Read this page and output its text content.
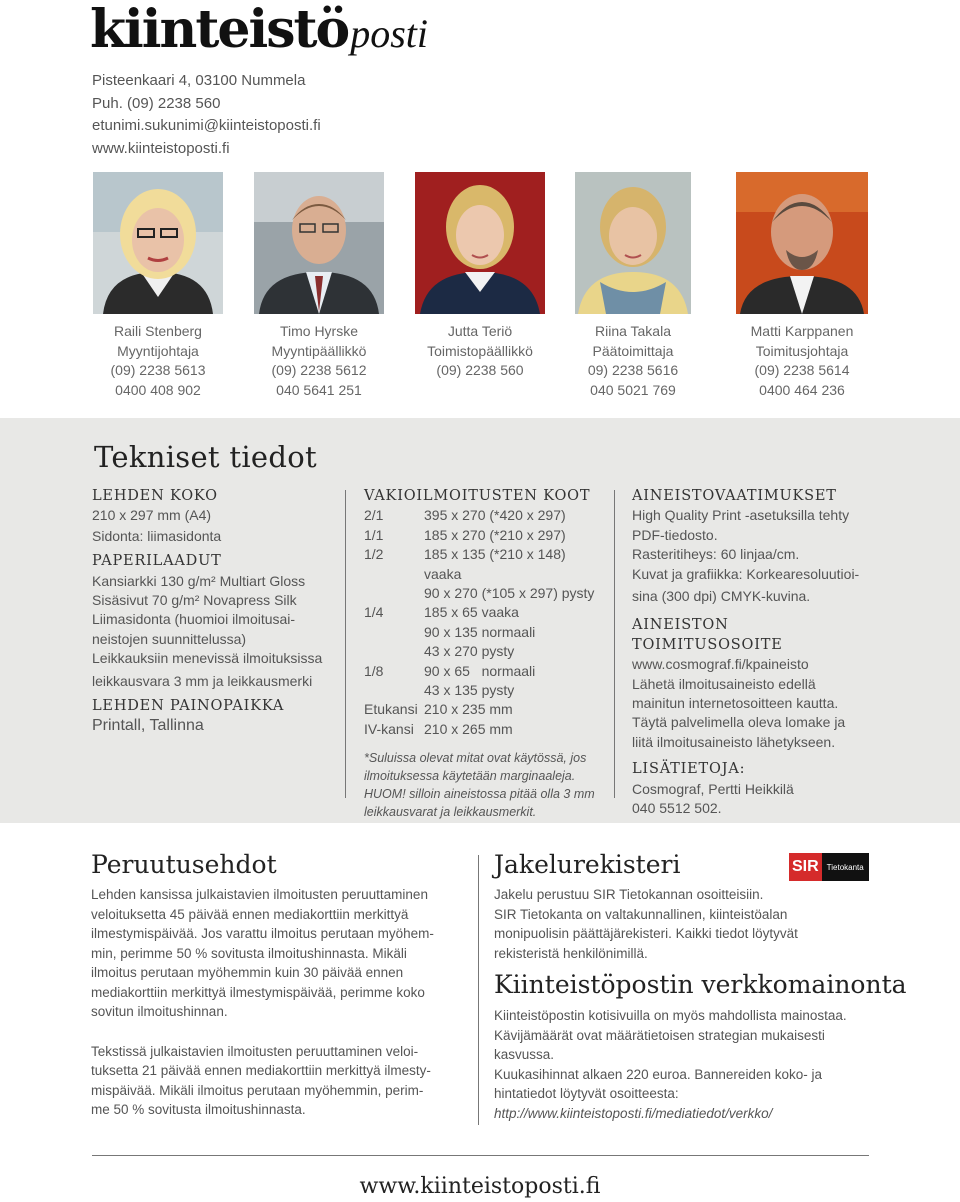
kiinteistöposti
Pisteenkaari 4, 03100 Nummela
Puh. (09) 2238 560
etunimi.sukunimi@kiinteistoposti.fi
www.kiinteistoposti.fi
Raili Stenberg
Myyntijohtaja
(09) 2238 5613
0400 408 902
Timo Hyrske
Myyntipäällikkö
(09) 2238 5612
040 5641 251
Jutta Teriö
Toimistopäällikkö
(09) 2238 560
Riina Takala
Päätoimittaja
09) 2238 5616
040 5021 769
Matti Karppanen
Toimitusjohtaja
(09) 2238 5614
0400 464 236
Tekniset tiedot
LEHDEN KOKO
210 x 297 mm (A4)
Sidonta: liimasidonta
PAPERILAADUT
Kansiarkki 130 g/m² Multiart Gloss
Sisäsivut 70 g/m² Novapress Silk
Liimasidonta (huomioi ilmoitusai-
neistojen suunnittelussa)
Leikkauksiin menevissä ilmoituksissa
leikkausvara 3 mm ja leikkausmerki
LEHDEN PAINOPAIKKA
Printall, Tallinna
VAKIOILMOITUSTEN KOOT
2/1	395 x 270 (*420 x 297)
1/1	185 x 270 (*210 x 297)
1/2	185 x 135 (*210 x 148) vaaka
90 x 270 (*105 x 297) pysty
1/4	185 x 65 vaaka
90 x 135 normaali
43 x 270 pysty
1/8	90 x 65   normaali
43 x 135 pysty
Etukansi 210 x 235 mm
IV-kansi 210 x 265 mm
*Suluissa olevat mitat ovat käytössä, jos
ilmoituksessa käytetään marginaaleja.
HUOM! silloin aineistossa pitää olla 3 mm
leikkausvarat ja leikkausmerkit.
AINEISTOVAATIMUKSET
High Quality Print -asetuksilla tehty
PDF-tiedosto.
Rasteritiheys: 60 linjaa/cm.
Kuvat ja grafiikka: Korkearesoluutioi-
sina (300 dpi) CMYK-kuvina.
AINEISTON TOIMITUSOSOITE
www.cosmograf.fi/kpaineisto
Lähetä ilmoitusaineisto edellä
mainitun internetosoitteen kautta.
Täytä palvelimella oleva lomake ja
liitä ilmoitusaineisto lähetykseen.
LISÄTIETOJA:
Cosmograf, Pertti Heikkilä
040 5512 502.
Peruutusehdot
Lehden kansissa julkaistavien ilmoitusten peruuttaminen
veloituksetta 45 päivää ennen mediakorttiin merkittyä
ilmestymispäivää. Jos varattu ilmoitus perutaan myöhem-
min, perimme 50 % sovitusta ilmoitushinnasta. Mikäli
ilmoitus perutaan myöhemmin kuin 30 päivää ennen
mediakorttiin merkittyä ilmestymispäivää, perimme koko
sovitun ilmoitushinnan.
Tekstissä julkaistavien ilmoitusten peruuttaminen veloi-
tuksetta 21 päivää ennen mediakorttiin merkittyä ilmesty-
mispäivää. Mikäli ilmoitus perutaan myöhemmin, perim-
me 50 % sovitusta ilmoitushinnasta.
Jakelurekisteri	SIR	Tietokanta
Jakelu perustuu SIR Tietokannan osoitteisiin.
SIR Tietokanta on valtakunnallinen, kiinteistöalan
monipuolisin päättäjärekisteri. Kaikki tiedot löytyvät
rekisteristä henkilönimillä.
Kiinteistöpostin verkkomainonta
Kiinteistöpostin kotisivuilla on myös mahdollista mainostaa.
Kävijämäärät ovat määrätietoisen strategian mukaisesti
kasvussa.
Kuukasihinnat alkaen 220 euroa. Bannereiden koko- ja
hintatiedot löytyvät osoitteesta:
http://www.kiinteistoposti.fi/mediatiedot/verkko/
www.kiinteistoposti.fi
